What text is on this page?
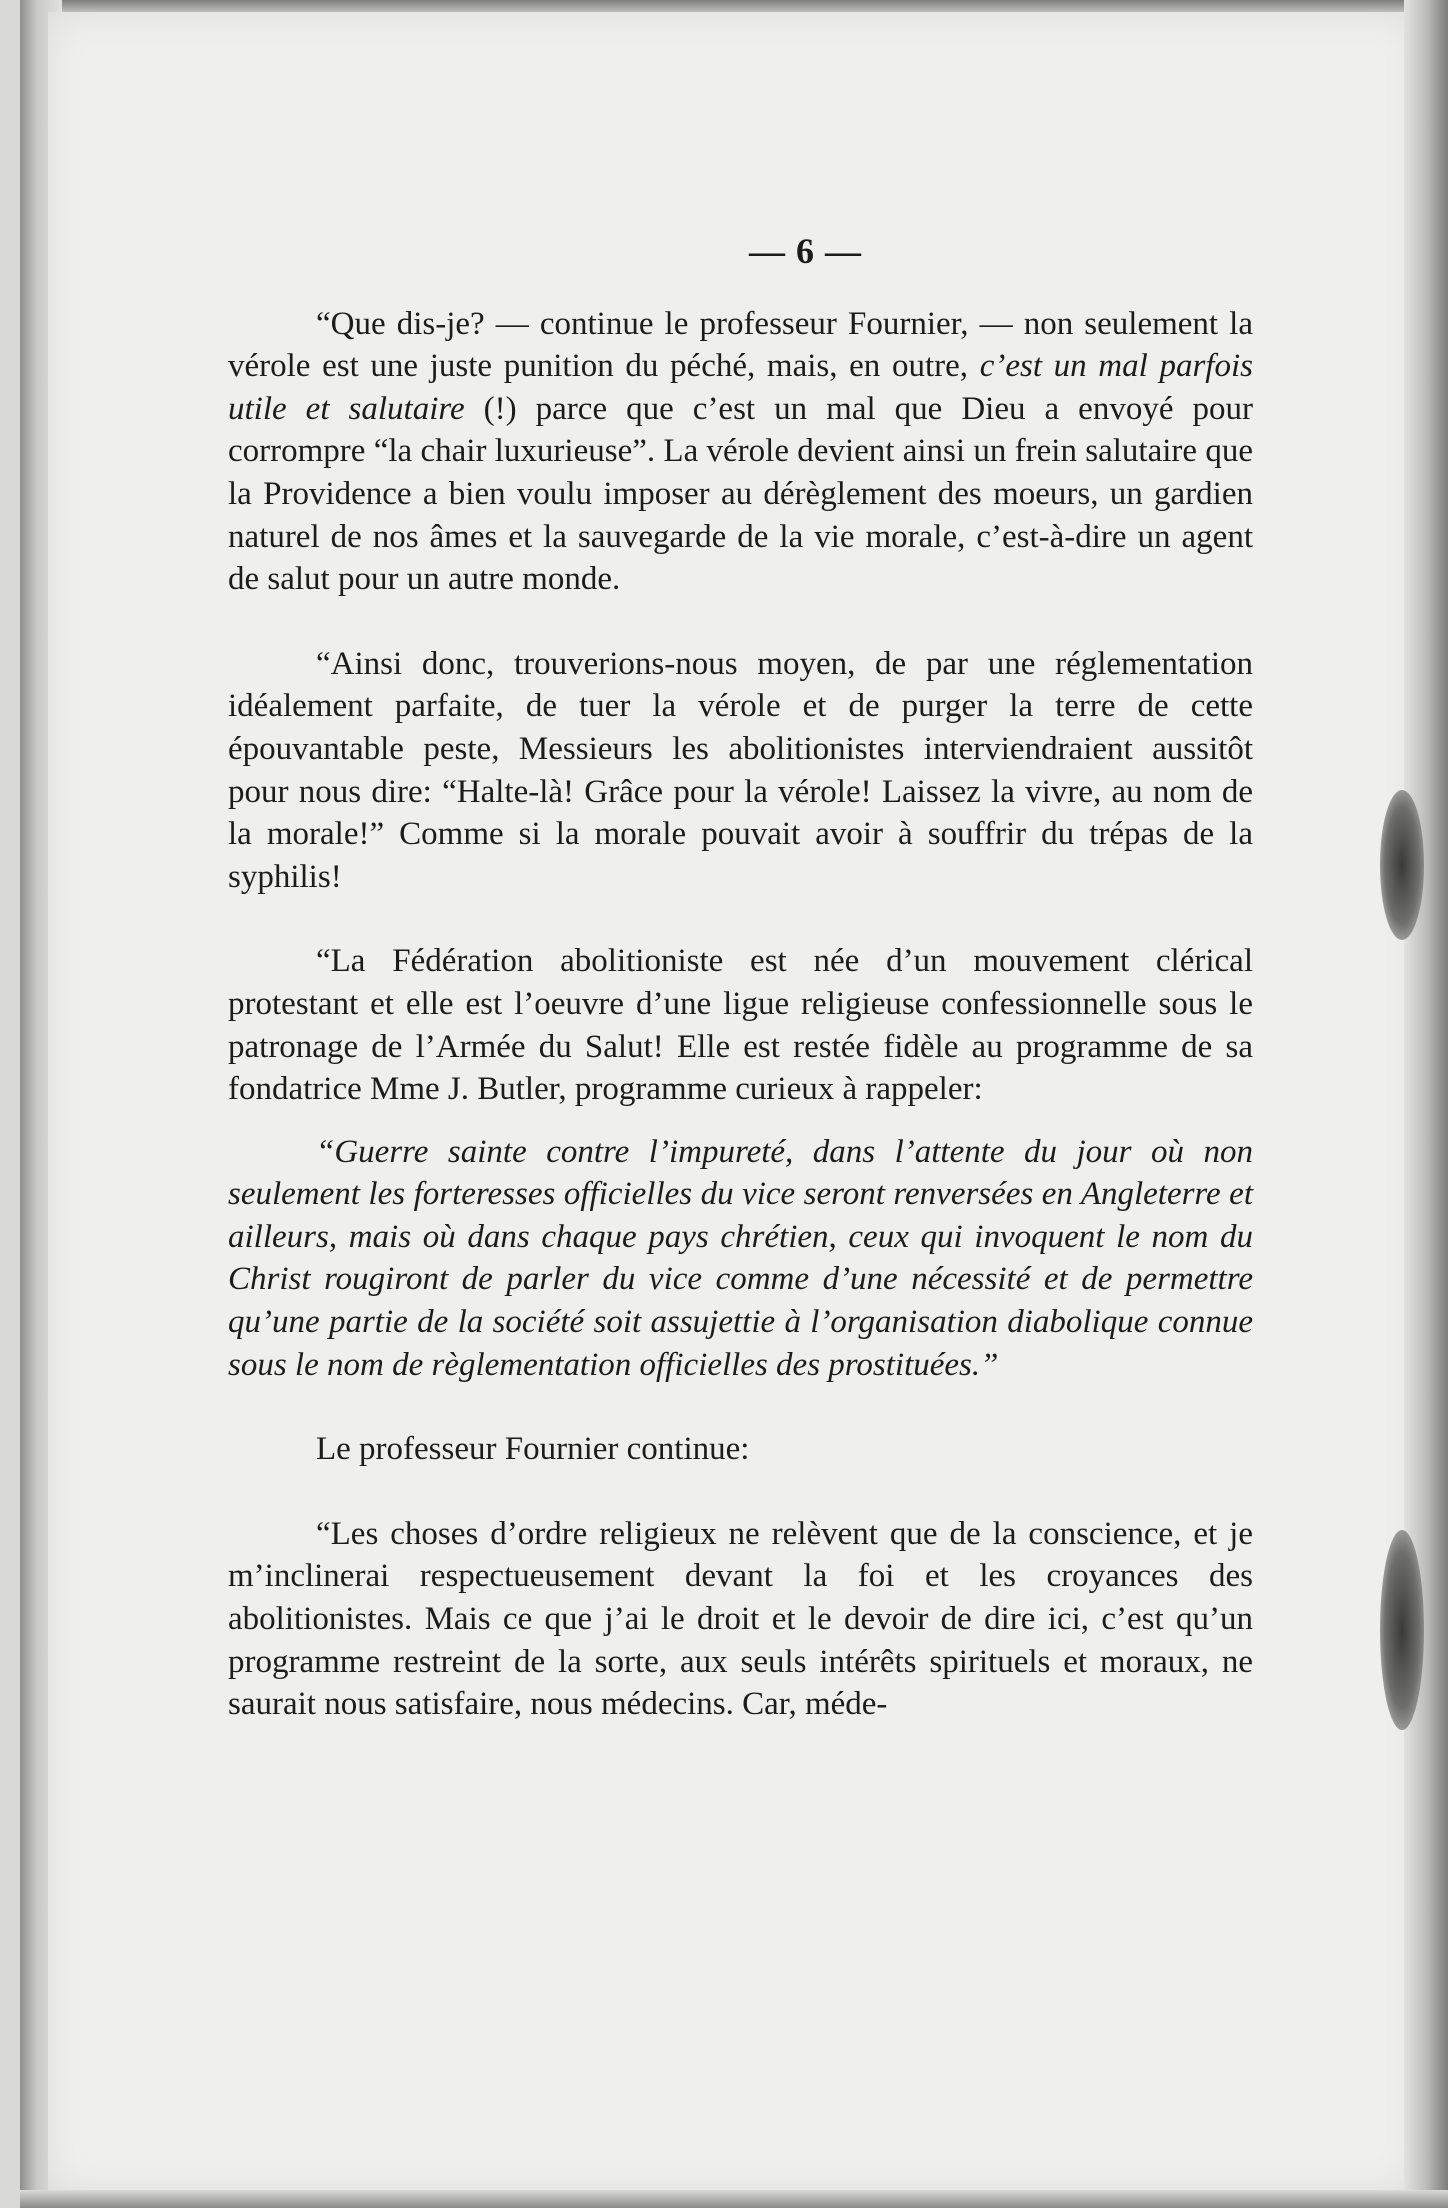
— 6 —

“Que dis-je? — continue le professeur Fournier, — non seulement la vérole est une juste punition du péché, mais, en outre, c’est un mal parfois utile et salutaire (!) parce que c’est un mal que Dieu a envoyé pour corrompre “la chair luxurieuse”. La vérole devient ainsi un frein salutaire que la Providence a bien voulu imposer au dérèglement des moeurs, un gardien naturel de nos âmes et la sauvegarde de la vie morale, c’est-à-dire un agent de salut pour un autre monde.

“Ainsi donc, trouverions-nous moyen, de par une réglementation idéalement parfaite, de tuer la vérole et de purger la terre de cette épouvantable peste, Messieurs les abolitionistes interviendraient aussitôt pour nous dire: “Halte-là! Grâce pour la vérole! Laissez la vivre, au nom de la morale!” Comme si la morale pouvait avoir à souffrir du trépas de la syphilis!

“La Fédération abolitioniste est née d’un mouvement clérical protestant et elle est l’oeuvre d’une ligue religieuse confessionnelle sous le patronage de l’Armée du Salut! Elle est restée fidèle au programme de sa fondatrice Mme J. Butler, programme curieux à rappeler:

“Guerre sainte contre l’impureté, dans l’attente du jour où non seulement les forteresses officielles du vice seront renversées en Angleterre et ailleurs, mais où dans chaque pays chrétien, ceux qui invoquent le nom du Christ rougiront de parler du vice comme d’une nécessité et de permettre qu’une partie de la société soit assujettie à l’organisation diabolique connue sous le nom de règlementation officielles des prostituées.”

Le professeur Fournier continue:

“Les choses d’ordre religieux ne relèvent que de la conscience, et je m’inclinerai respectueusement devant la foi et les croyances des abolitionistes. Mais ce que j’ai le droit et le devoir de dire ici, c’est qu’un programme restreint de la sorte, aux seuls intérêts spirituels et moraux, ne saurait nous satisfaire, nous médecins. Car, méde-
